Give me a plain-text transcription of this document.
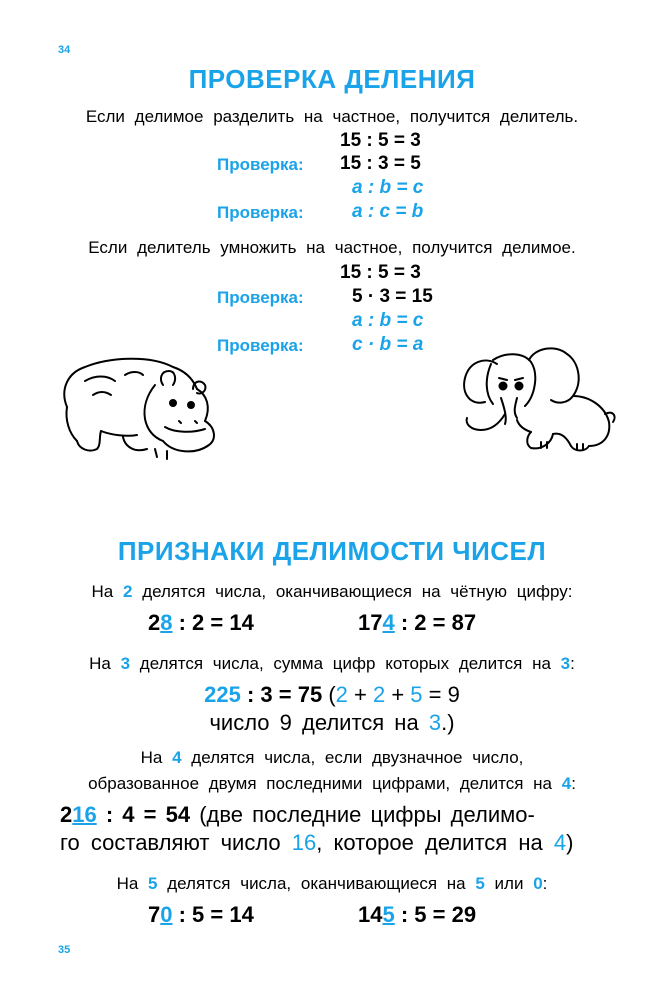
34
35
ПРОВЕРКА ДЕЛЕНИЯ
Если делимое разделить на частное, получится делитель.
15 : 5 = 3
Проверка: 15 : 3 = 5
a : b = c
Проверка:	a : c = b
Если делитель умножить на частное, получится делимое.
15 : 5 = 3
Проверка:	5 · 3 = 15
a : b = c
Проверка:	c · b = a
ПРИЗНАКИ ДЕЛИМОСТИ ЧИСЕЛ
На 2 делятся числа, оканчивающиеся на чётную цифру:
28 : 2 = 14	174 : 2 = 87
На 3 делятся числа, сумма цифр которых делится на 3:
225 : 3 = 75 (2 + 2 + 5 = 9
число 9 делится на 3.)
На 4 делятся числа, если двузначное число,
образованное двумя последними цифрами, делится на 4:
216 : 4 = 54 (две последние цифры делимо-
го составляют число 16, которое делится на 4)
На 5 делятся числа, оканчивающиеся на 5 или 0:
70 : 5 = 14	145 : 5 = 29
